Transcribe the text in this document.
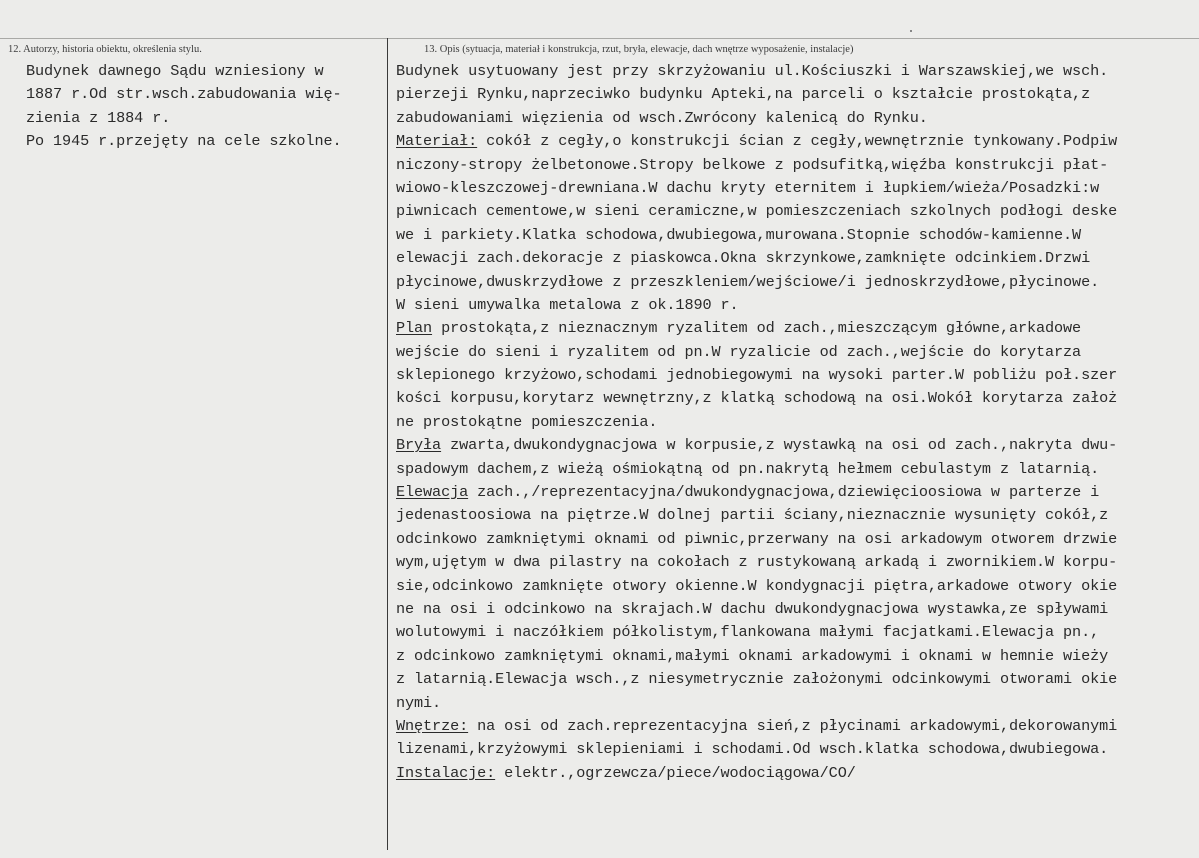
12. Autorzy, historia obiektu, określenia stylu.	13. Opis (sytuacja, materiał i konstrukcja, rzut, bryła, elewacje, dach wnętrze wyposażenie, instalacje)
Budynek dawnego Sądu wzniesiony w
1887 r.Od str.wsch.zabudowania wię-
zienia z 1884 r.
Po 1945 r.przejęty na cele szkolne.
Budynek usytuowany jest przy skrzyżowaniu ul.Kościuszki i Warszawskiej,we wsch.
pierzeji Rynku,naprzeciwko budynku Apteki,na parceli o kształcie prostokąta,z
zabudowaniami więzienia od wsch.Zwrócony kalenicą do Rynku.
Materiał: cokół z cegły,o konstrukcji ścian z cegły,wewnętrznie tynkowany.Podpiw
niczony-stropy żelbetonowe.Stropy belkowe z podsufitką,więźba konstrukcji płat-
wiowo-kleszczowej-drewniana.W dachu kryty eternitem i łupkiem/wieża/Posadzki:w
piwnicach cementowe,w sieni ceramiczne,w pomieszczeniach szkolnych podłogi deske
we i parkiety.Klatka schodowa,dwubiegowa,murowana.Stopnie schodów-kamienne.W
elewacji zach.dekoracje z piaskowca.Okna skrzynkowe,zamknięte odcinkiem.Drzwi
płycinowe,dwuskrzydłowe z przeszkleniem/wejściowe/i jednoskrzydłowe,płycinowe.
W sieni umywalka metalowa z ok.1890 r.
Plan prostokąta,z nieznacznym ryzalitem od zach.,mieszczącym główne,arkadowe
wejście do sieni i ryzalitem od pn.W ryzalicie od zach.,wejście do korytarza
sklepionego krzyżowo,schodami jednobiegowymi na wysoki parter.W pobliżu poł.szer
kości korpusu,korytarz wewnętrzny,z klatką schodową na osi.Wokół korytarza założ
ne prostokątne pomieszczenia.
Bryła zwarta,dwukondygnacjowa w korpusie,z wystawką na osi od zach.,nakryta dwu-
spadowym dachem,z wieżą ośmiokątną od pn.nakrytą hełmem cebulastym z latarnią.
Elewacja zach.,/reprezentacyjna/dwukondygnacjowa,dziewięcioosiowa w parterze i
jedenastoosiowa na piętrze.W dolnej partii ściany,nieznacznie wysunięty cokół,z
odcinkowo zamkniętymi oknami od piwnic,przerwany na osi arkadowym otworem drzwie
wym,ujętym w dwa pilastry na cokołach z rustykowaną arkadą i zwornikiem.W korpu-
sie,odcinkowo zamknięte otwory okienne.W kondygnacji piętra,arkadowe otwory okie
ne na osi i odcinkowo na skrajach.W dachu dwukondygnacjowa wystawka,ze spływami
wolutowymi i naczółkiem półkolistym,flankowana małymi facjatkami.Elewacja pn.,
z odcinkowo zamkniętymi oknami,małymi oknami arkadowymi i oknami w hemnie wieży
z latarnią.Elewacja wsch.,z niesymetrycznie założonymi odcinkowymi otworami okie
nymi.
Wnętrze: na osi od zach.reprezentacyjna sień,z płycinami arkadowymi,dekorowanymi
lizenami,krzyżowymi sklepieniami i schodami.Od wsch.klatka schodowa,dwubiegowa.
Instalacje: elektr.,ogrzewcza/piece/wodociągowa/CO/
